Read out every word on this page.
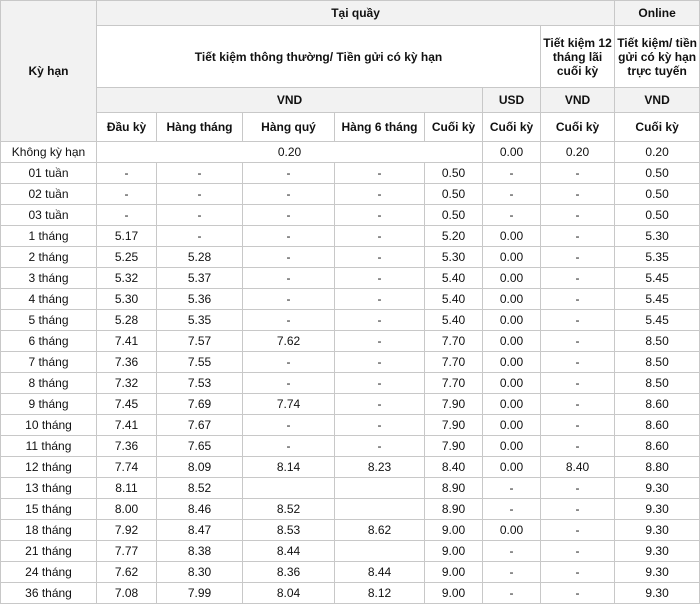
Kỳ hạn	Tại quầy							Online
	Tiết kiệm thông thường/ Tiền gửi có kỳ hạn						Tiết kiệm 12 tháng lãi cuối kỳ	Tiết kiệm/ tiền gửi có kỳ hạn trực tuyến
	VND					USD	VND	VND
	Đầu kỳ	Hàng tháng	Hàng quý	Hàng 6 tháng	Cuối kỳ	Cuối kỳ	Cuối kỳ	Cuối kỳ
Không kỳ hạn	0.20					0.00	0.20	0.20
01 tuần	-	-	-	-	0.50	-	-	0.50
02 tuần	-	-	-	-	0.50	-	-	0.50
03 tuần	-	-	-	-	0.50	-	-	0.50
1 tháng	5.17	-	-	-	5.20	0.00	-	5.30
2 tháng	5.25	5.28	-	-	5.30	0.00	-	5.35
3 tháng	5.32	5.37	-	-	5.40	0.00	-	5.45
4 tháng	5.30	5.36	-	-	5.40	0.00	-	5.45
5 tháng	5.28	5.35	-	-	5.40	0.00	-	5.45
6 tháng	7.41	7.57	7.62	-	7.70	0.00	-	8.50
7 tháng	7.36	7.55	-	-	7.70	0.00	-	8.50
8 tháng	7.32	7.53	-	-	7.70	0.00	-	8.50
9 tháng	7.45	7.69	7.74	-	7.90	0.00	-	8.60
10 tháng	7.41	7.67	-	-	7.90	0.00	-	8.60
11 tháng	7.36	7.65	-	-	7.90	0.00	-	8.60
12 tháng	7.74	8.09	8.14	8.23	8.40	0.00	8.40	8.80
13 tháng	8.11	8.52			8.90	-	-	9.30
15 tháng	8.00	8.46	8.52		8.90	-	-	9.30
18 tháng	7.92	8.47	8.53	8.62	9.00	0.00	-	9.30
21 tháng	7.77	8.38	8.44		9.00	-	-	9.30
24 tháng	7.62	8.30	8.36	8.44	9.00	-	-	9.30
36 tháng	7.08	7.99	8.04	8.12	9.00	-	-	9.30
